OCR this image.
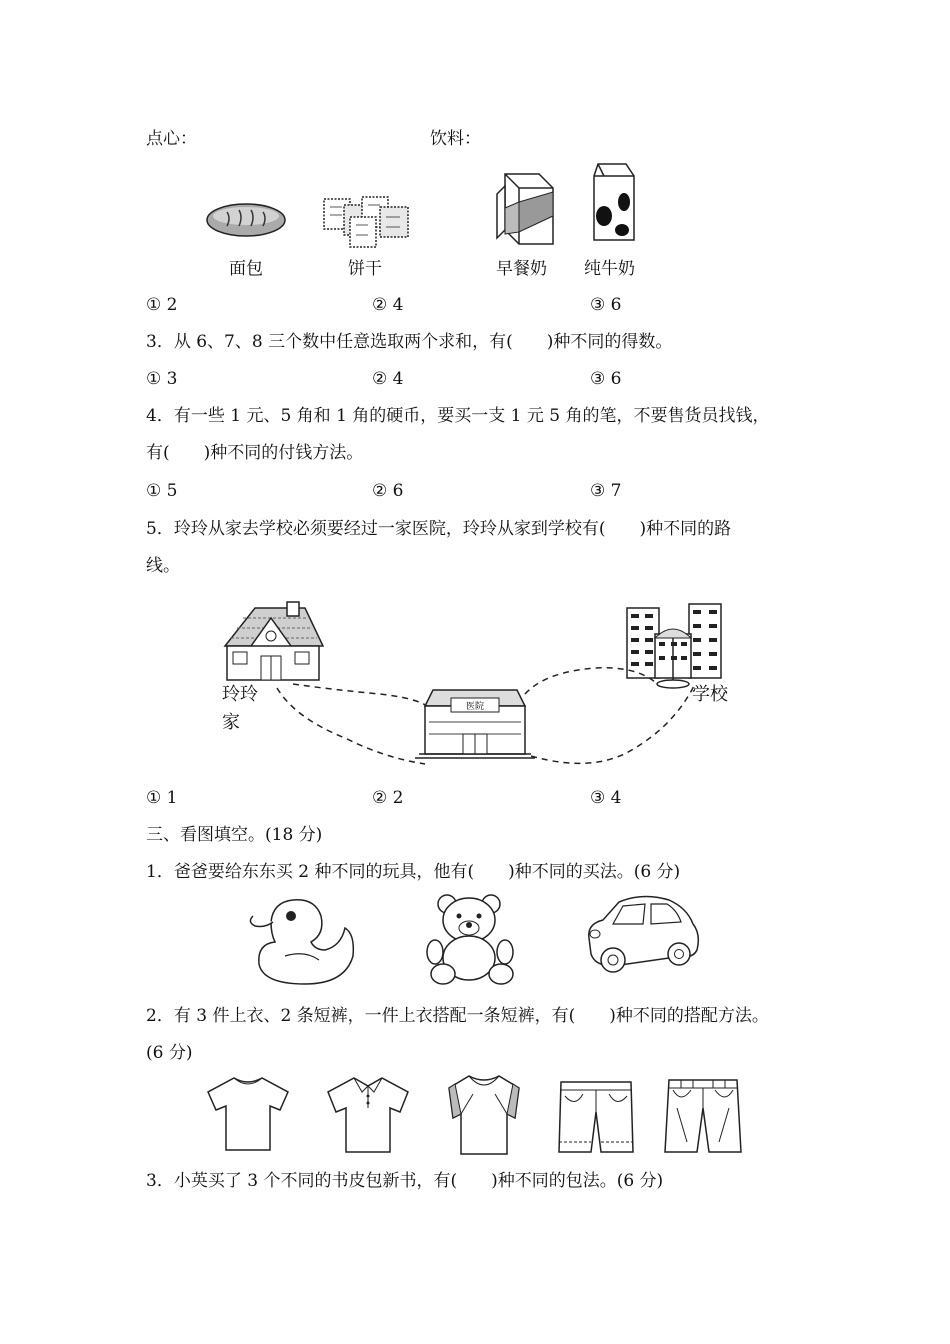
点心：	饮料：
面包	饼干	早餐奶 纯牛奶
① 2	② 4	③ 6
3．从 6、7、8 三个数中任意选取两个求和，有(　　)种不同的得数。
① 3	② 4	③ 6
4．有一些 1 元、5 角和 1 角的硬币，要买一支 1 元 5 角的笔，不要售货员找钱，
有(　　)种不同的付钱方法。
① 5	② 6	③ 7
5．玲玲从家去学校必须要经过一家医院，玲玲从家到学校有(　　)种不同的路
线。
医院
玲玲
家
学校
① 1	② 2	③ 4
三、看图填空。(18 分)
1．爸爸要给东东买 2 种不同的玩具，他有(　　)种不同的买法。(6 分)
2．有 3 件上衣、2 条短裤，一件上衣搭配一条短裤，有(　　)种不同的搭配方法。
(6 分)
3．小英买了 3 个不同的书皮包新书，有(　　)种不同的包法。(6 分)
